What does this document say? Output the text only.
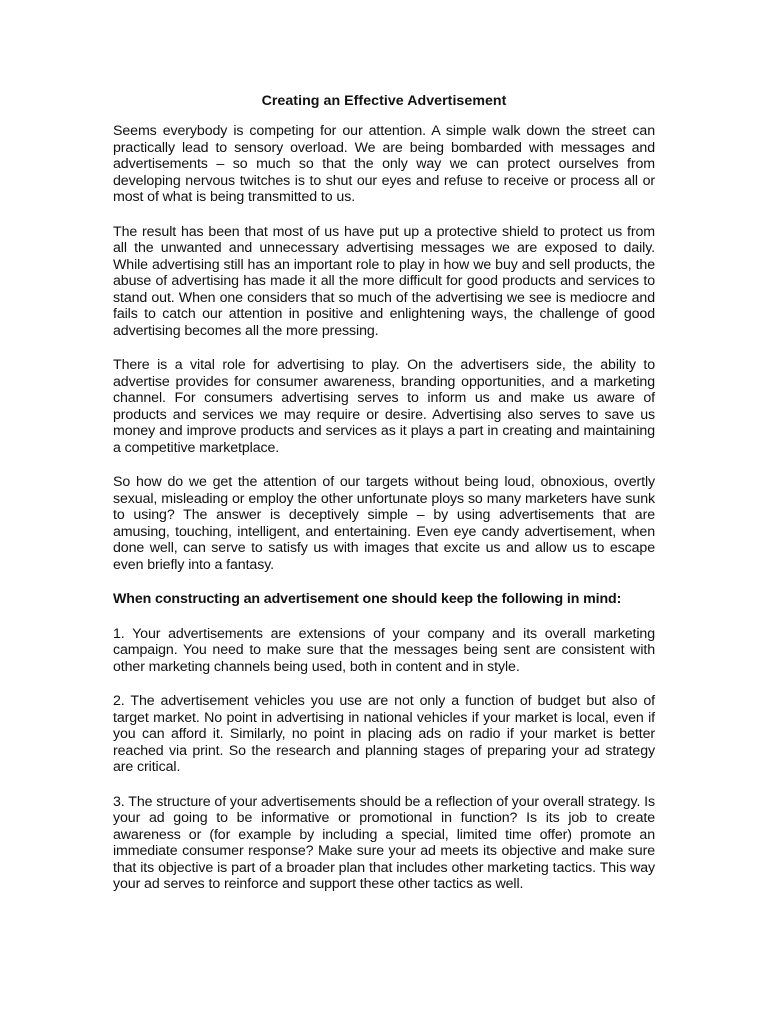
Creating an Effective Advertisement

Seems everybody is competing for our attention. A simple walk down the street can practically lead to sensory overload. We are being bombarded with messages and advertisements – so much so that the only way we can protect ourselves from developing nervous twitches is to shut our eyes and refuse to receive or process all or most of what is being transmitted to us.

The result has been that most of us have put up a protective shield to protect us from all the unwanted and unnecessary advertising messages we are exposed to daily. While advertising still has an important role to play in how we buy and sell products, the abuse of advertising has made it all the more difficult for good products and services to stand out. When one considers that so much of the advertising we see is mediocre and fails to catch our attention in positive and enlightening ways, the challenge of good advertising becomes all the more pressing.

There is a vital role for advertising to play. On the advertisers side, the ability to advertise provides for consumer awareness, branding opportunities, and a marketing channel. For consumers advertising serves to inform us and make us aware of products and services we may require or desire. Advertising also serves to save us money and improve products and services as it plays a part in creating and maintaining a competitive marketplace.

So how do we get the attention of our targets without being loud, obnoxious, overtly sexual, misleading or employ the other unfortunate ploys so many marketers have sunk to using? The answer is deceptively simple – by using advertisements that are amusing, touching, intelligent, and entertaining. Even eye candy advertisement, when done well, can serve to satisfy us with images that excite us and allow us to escape even briefly into a fantasy.

When constructing an advertisement one should keep the following in mind:

1. Your advertisements are extensions of your company and its overall marketing campaign. You need to make sure that the messages being sent are consistent with other marketing channels being used, both in content and in style.

2. The advertisement vehicles you use are not only a function of budget but also of target market. No point in advertising in national vehicles if your market is local, even if you can afford it. Similarly, no point in placing ads on radio if your market is better reached via print. So the research and planning stages of preparing your ad strategy are critical.

3. The structure of your advertisements should be a reflection of your overall strategy. Is your ad going to be informative or promotional in function? Is its job to create awareness or (for example by including a special, limited time offer) promote an immediate consumer response? Make sure your ad meets its objective and make sure that its objective is part of a broader plan that includes other marketing tactics. This way your ad serves to reinforce and support these other tactics as well.
